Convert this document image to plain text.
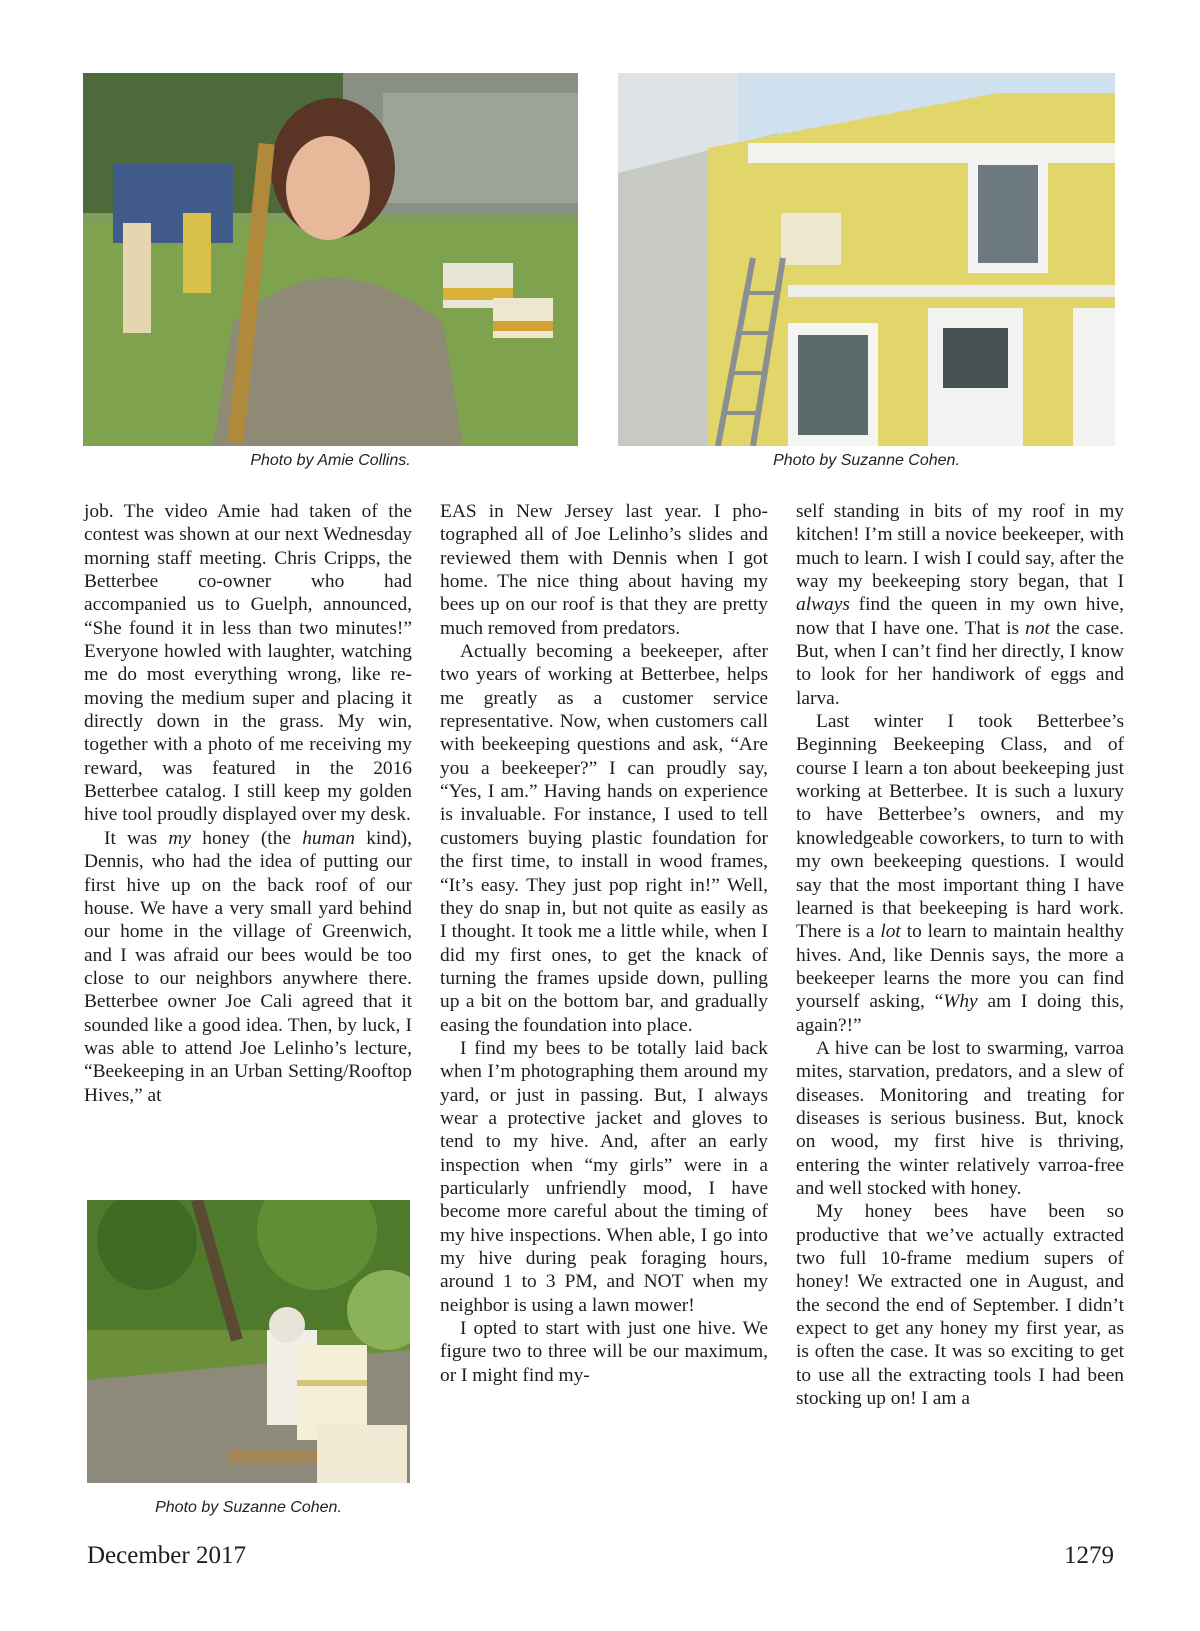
Photo by Amie Collins.	Photo by Suzanne Cohen.
Photo by Suzanne Cohen.

job. The video Amie had taken of the contest was shown at our next Wednesday morning staff meeting. Chris Cripps, the Betterbee co-owner who had accompanied us to Guelph, announced, “She found it in less than two minutes!” Everyone howled with laughter, watching me do most everything wrong, like removing the medium super and placing it directly down in the grass. My win, together with a photo of me receiving my reward, was featured in the 2016 Betterbee catalog. I still keep my golden hive tool proudly displayed over my desk.

It was my honey (the human kind), Dennis, who had the idea of putting our first hive up on the back roof of our house. We have a very small yard behind our home in the village of Greenwich, and I was afraid our bees would be too close to our neighbors anywhere there. Betterbee owner Joe Cali agreed that it sounded like a good idea. Then, by luck, I was able to attend Joe Lelinho’s lecture, “Beekeeping in an Urban Setting/Rooftop Hives,” at

EAS in New Jersey last year. I photographed all of Joe Lelinho’s slides and reviewed them with Dennis when I got home. The nice thing about having my bees up on our roof is that they are pretty much removed from predators.

Actually becoming a beekeeper, after two years of working at Betterbee, helps me greatly as a customer service representative. Now, when customers call with beekeeping questions and ask, “Are you a beekeeper?” I can proudly say, “Yes, I am.” Having hands on experience is invaluable. For instance, I used to tell customers buying plastic foundation for the first time, to install in wood frames, “It’s easy. They just pop right in!” Well, they do snap in, but not quite as easily as I thought. It took me a little while, when I did my first ones, to get the knack of turning the frames upside down, pulling up a bit on the bottom bar, and gradually easing the foundation into place.

I find my bees to be totally laid back when I’m photographing them around my yard, or just in passing. But, I always wear a protective jacket and gloves to tend to my hive. And, after an early inspection when “my girls” were in a particularly unfriendly mood, I have become more careful about the timing of my hive inspections. When able, I go into my hive during peak foraging hours, around 1 to 3 PM, and NOT when my neighbor is using a lawn mower!

I opted to start with just one hive. We figure two to three will be our maximum, or I might find my-

self standing in bits of my roof in my kitchen! I’m still a novice beekeeper, with much to learn. I wish I could say, after the way my beekeeping story began, that I always find the queen in my own hive, now that I have one. That is not the case. But, when I can’t find her directly, I know to look for her handiwork of eggs and larva.

Last winter I took Betterbee’s Beginning Beekeeping Class, and of course I learn a ton about beekeeping just working at Betterbee. It is such a luxury to have Betterbee’s owners, and my knowledgeable coworkers, to turn to with my own beekeeping questions. I would say that the most important thing I have learned is that beekeeping is hard work. There is a lot to learn to maintain healthy hives. And, like Dennis says, the more a beekeeper learns the more you can find yourself asking, “Why am I doing this, again?!”

A hive can be lost to swarming, varroa mites, starvation, predators, and a slew of diseases. Monitoring and treating for diseases is serious business. But, knock on wood, my first hive is thriving, entering the winter relatively varroa-free and well stocked with honey.

My honey bees have been so productive that we’ve actually extracted two full 10-frame medium supers of honey! We extracted one in August, and the second the end of September. I didn’t expect to get any honey my first year, as is often the case. It was so exciting to get to use all the extracting tools I had been stocking up on! I am a

December 2017	1279
